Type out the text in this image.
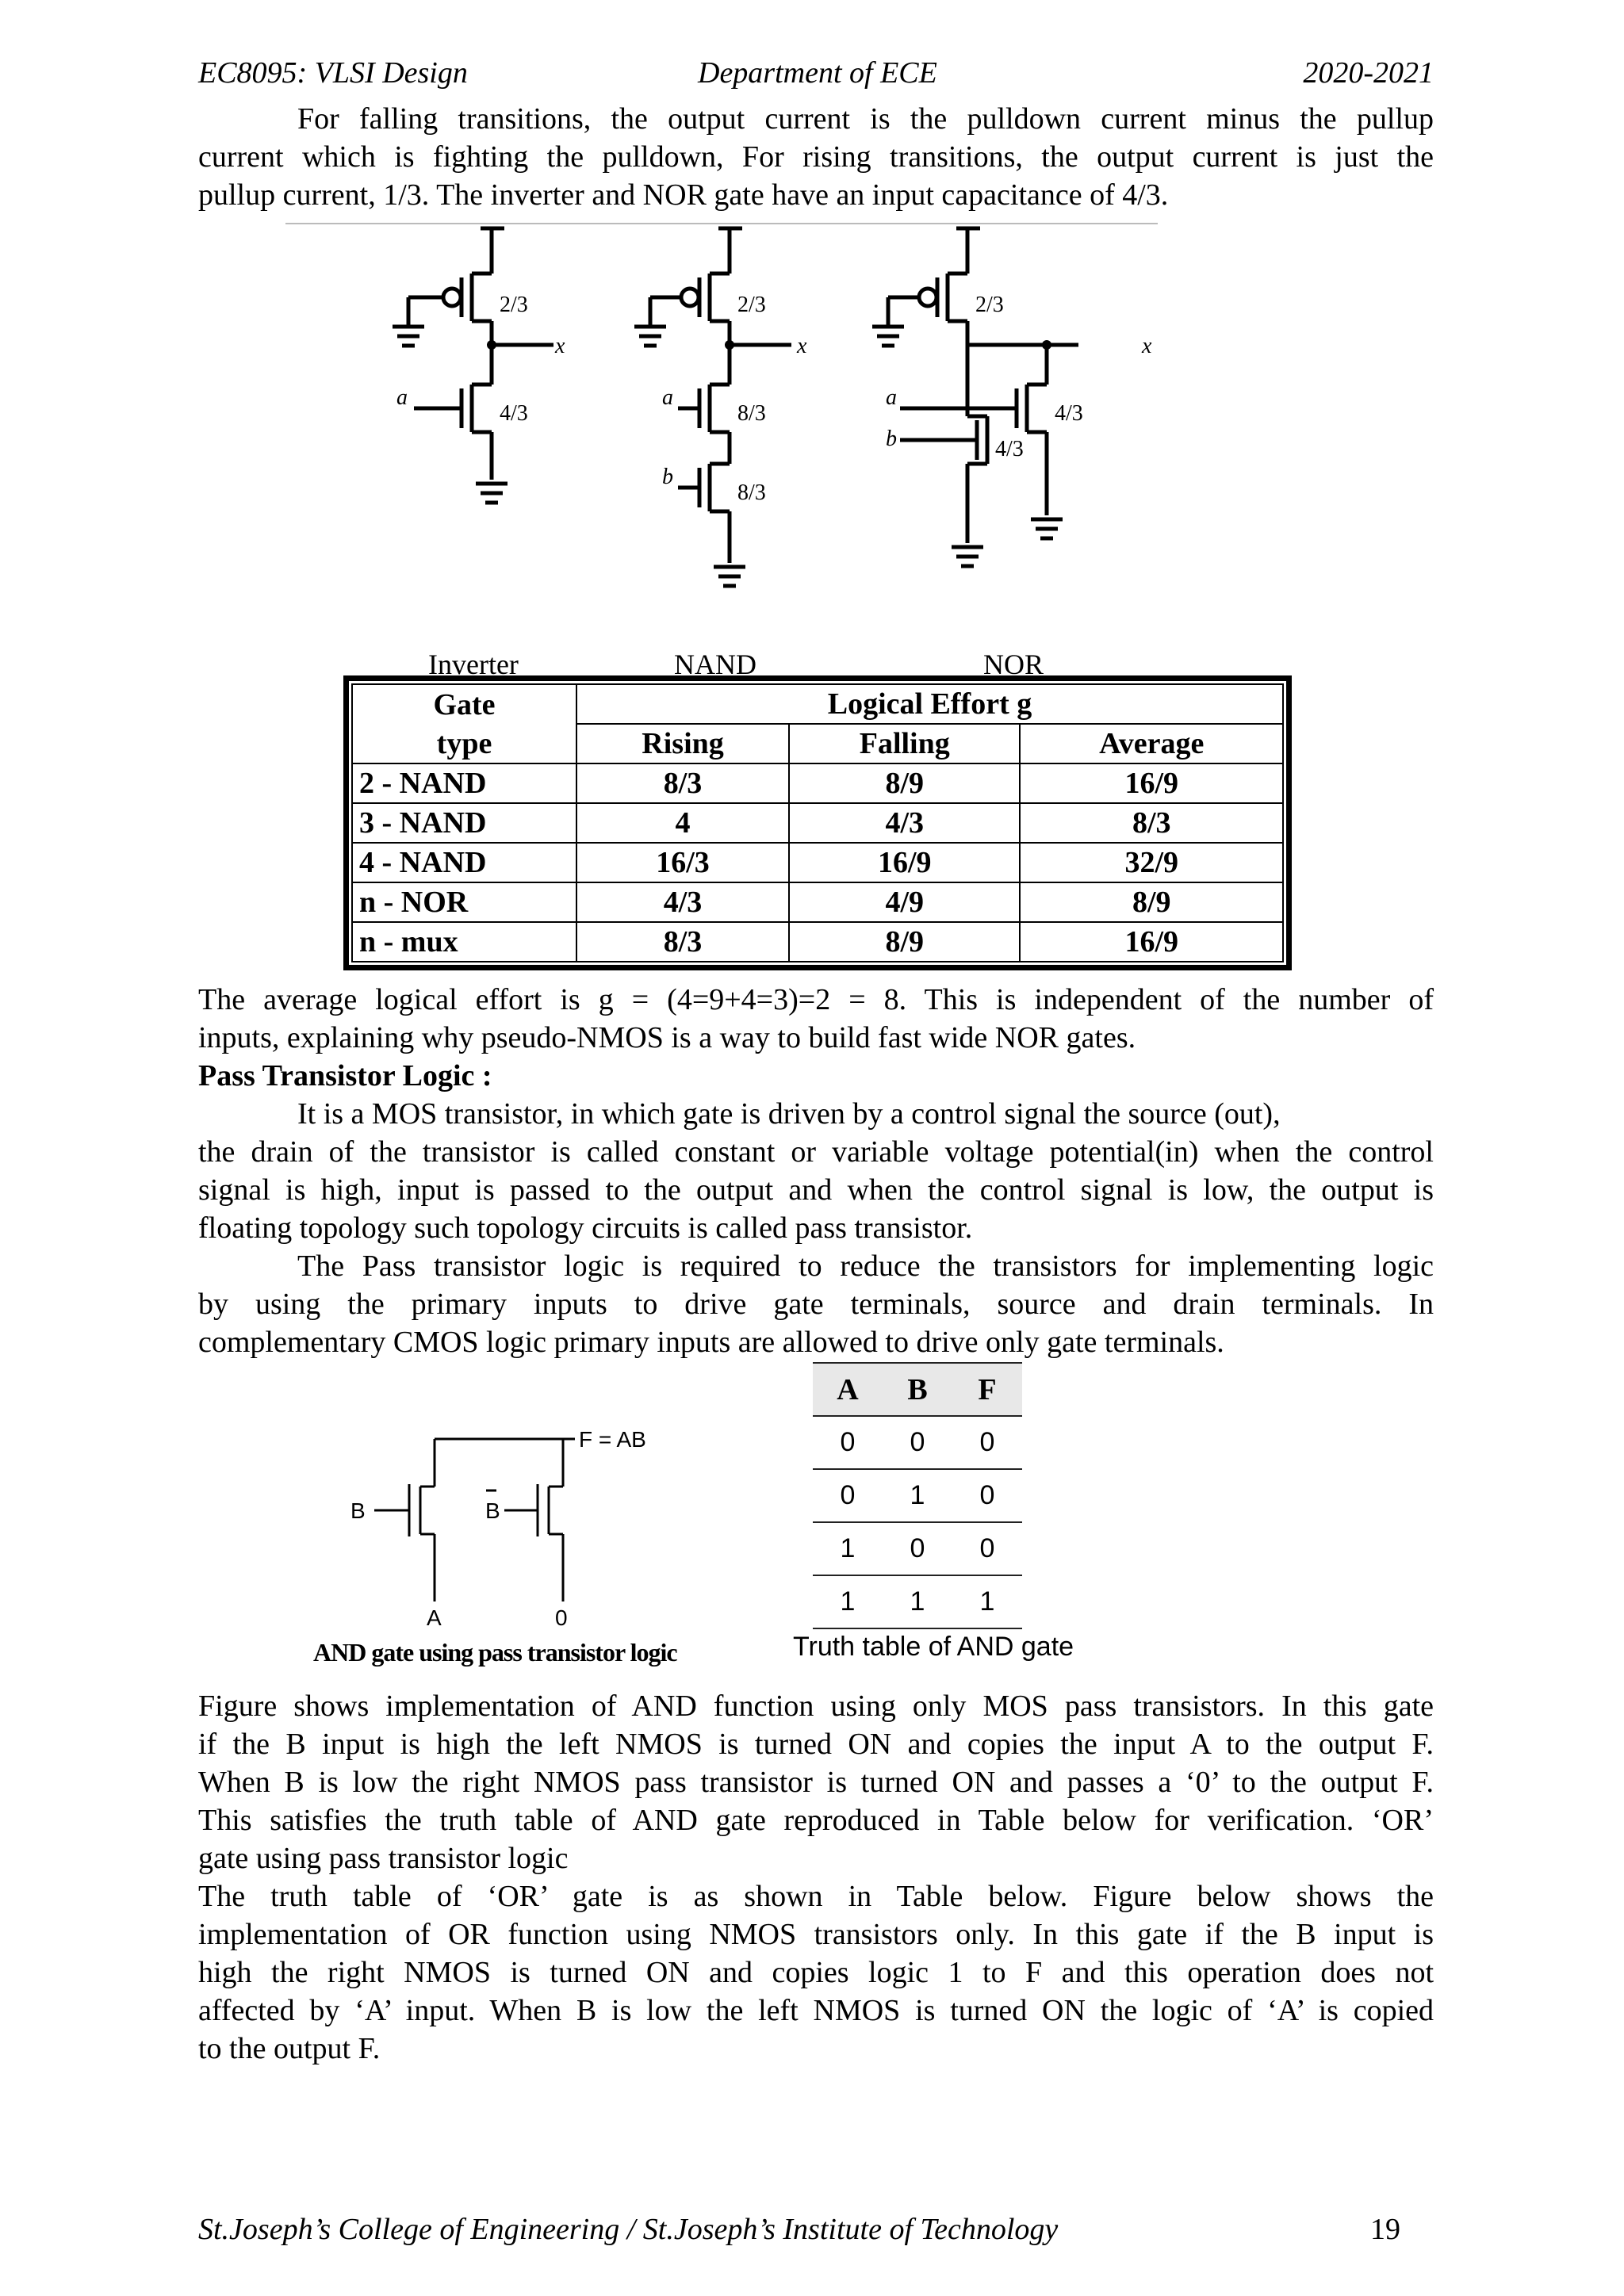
EC8095: VLSI Design	Department of ECE	2020-2021
For falling transitions, the output current is the pulldown current minus the pullup
current which is fighting the pulldown, For rising transitions, the output current is just the
pullup current, 1/3. The inverter and NOR gate have an input capacitance of 4/3.
2/3
4/3
x
a
2/3
8/3
8/3
x
a
b
2/3
4/3
4/3
x
a
b
Inverter	NAND	NOR
Gate	Logical Effort g		
type	Rising	Falling	Average
2 - NAND	8/3	8/9	16/9
3 - NAND	4	4/3	8/3
4 - NAND	16/3	16/9	32/9
n - NOR	4/3	4/9	8/9
n - mux	8/3	8/9	16/9
The average logical effort is g = (4=9+4=3)=2 = 8. This is independent of the number of
inputs, explaining why pseudo-NMOS is a way to build fast wide NOR gates.
Pass Transistor Logic :
It is a MOS transistor, in which gate is driven by a control signal the source (out),
the drain of the transistor is called constant or variable voltage potential(in) when the control
signal is high, input is passed to the output and when the control signal is low, the output is
floating topology such topology circuits is called pass transistor.
The Pass transistor logic is required to reduce the transistors for implementing logic
by using the primary inputs to drive gate terminals, source and drain terminals. In
complementary CMOS logic primary inputs are allowed to drive only gate terminals.
F = AB
B	B
A	0
AND gate using pass transistor logic
A	B	F
0	0	0
0	1	0
1	0	0
1	1	1
Truth table of AND gate
Figure shows implementation of AND function using only MOS pass transistors. In this gate
if the B input is high the left NMOS is turned ON and copies the input A to the output F.
When B is low the right NMOS pass transistor is turned ON and passes a ‘0’ to the output F.
This satisfies the truth table of AND gate reproduced in Table below for verification. ‘OR’
gate using pass transistor logic
The truth table of ‘OR’ gate is as shown in Table below. Figure below shows the
implementation of OR function using NMOS transistors only. In this gate if the B input is
high the right NMOS is turned ON and copies logic 1 to F and this operation does not
affected by ‘A’ input. When B is low the left NMOS is turned ON the logic of ‘A’ is copied
to the output F.
St.Joseph’s College of Engineering / St.Joseph’s Institute of Technology	19
